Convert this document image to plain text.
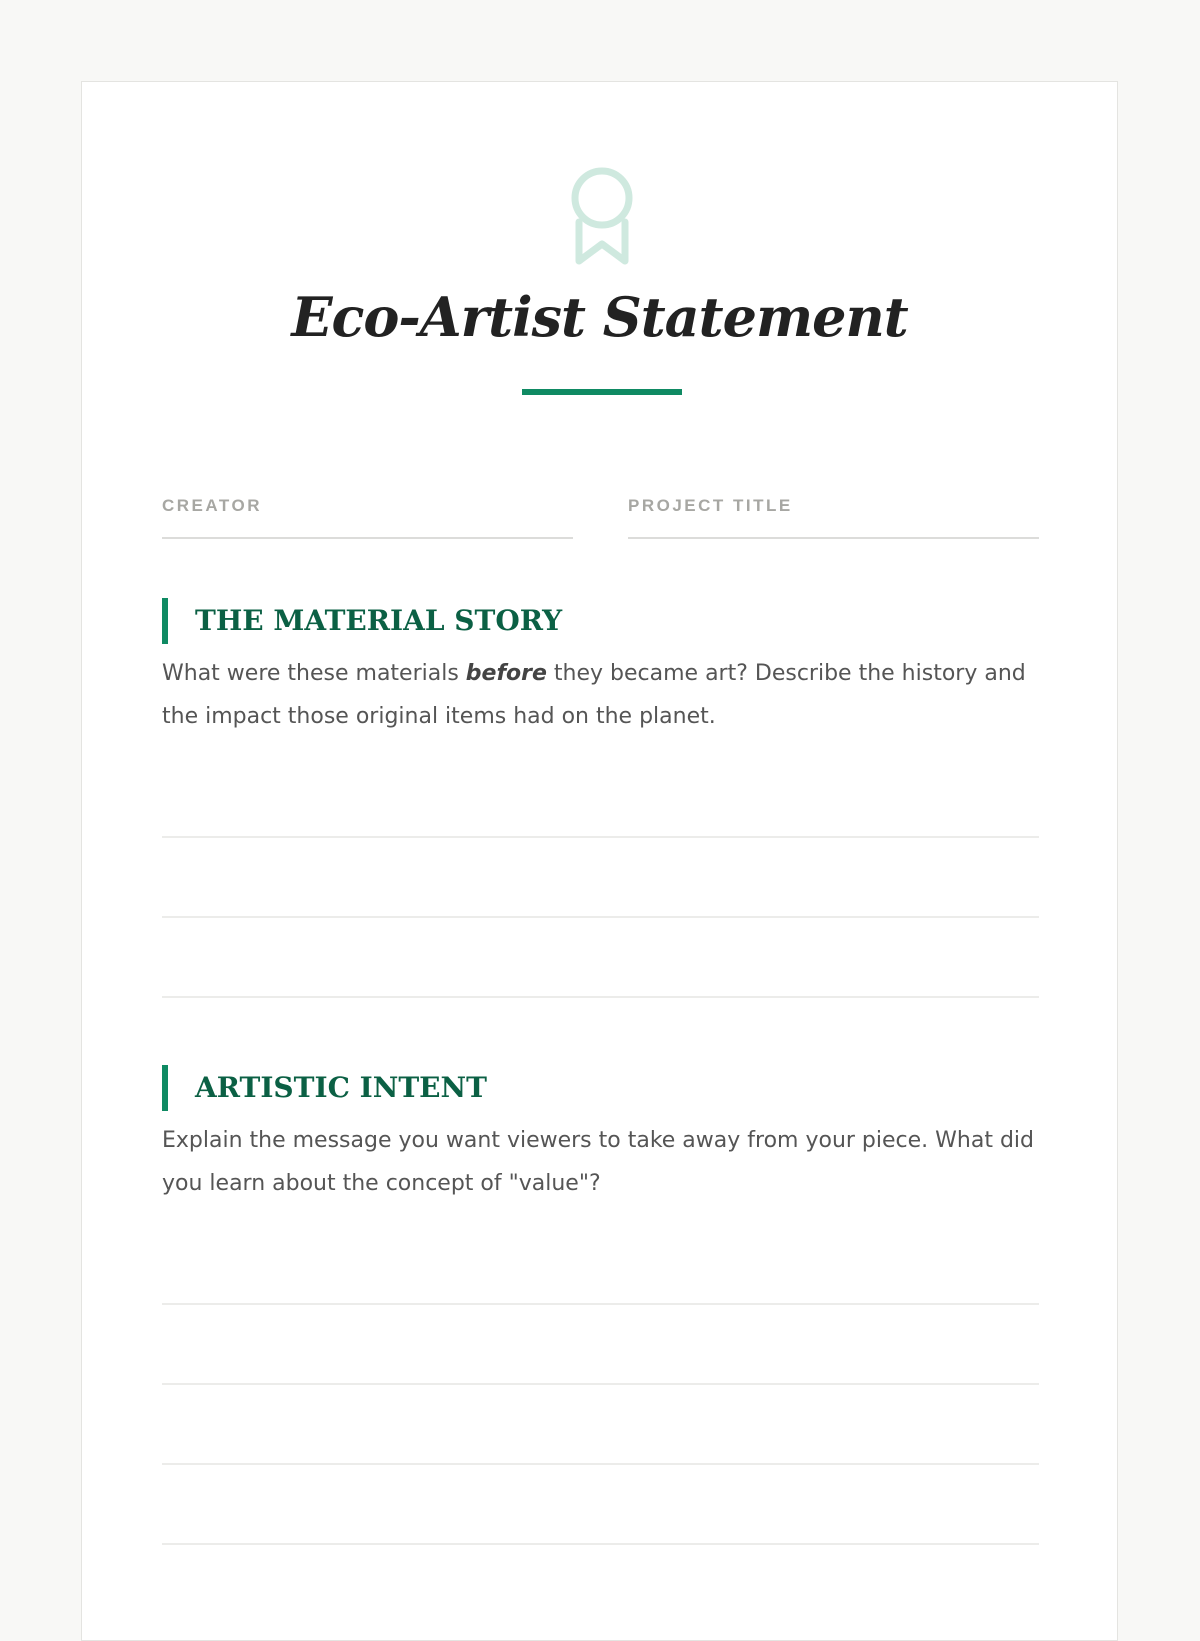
Eco-Artist Statement
CREATOR	PROJECT TITLE
THE MATERIAL STORY

What were these materials before they became art? Describe the history and the impact those original items had on the planet.

ARTISTIC INTENT

Explain the message you want viewers to take away from your piece. What did you learn about the concept of "value"?
